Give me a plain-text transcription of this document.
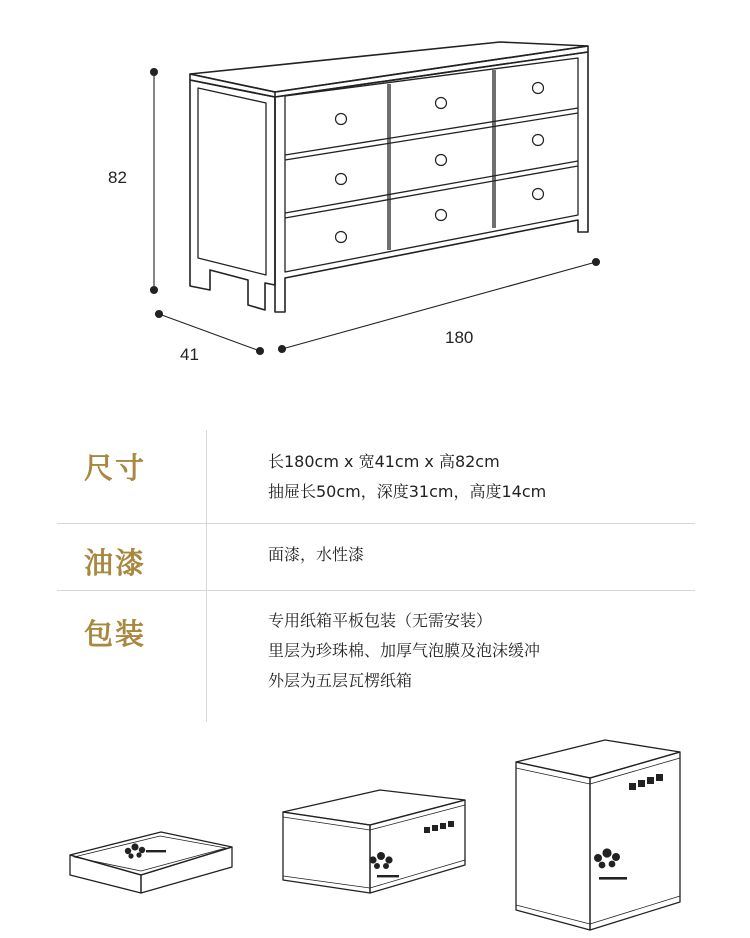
82
41
180
尺寸	长180cm x 宽41cm x 高82cm
抽屉长50cm，深度31cm，高度14cm
油漆	面漆，水性漆
包装	专用纸箱平板包装（无需安装）
里层为珍珠棉、加厚气泡膜及泡沫缓冲
外层为五层瓦楞纸箱
